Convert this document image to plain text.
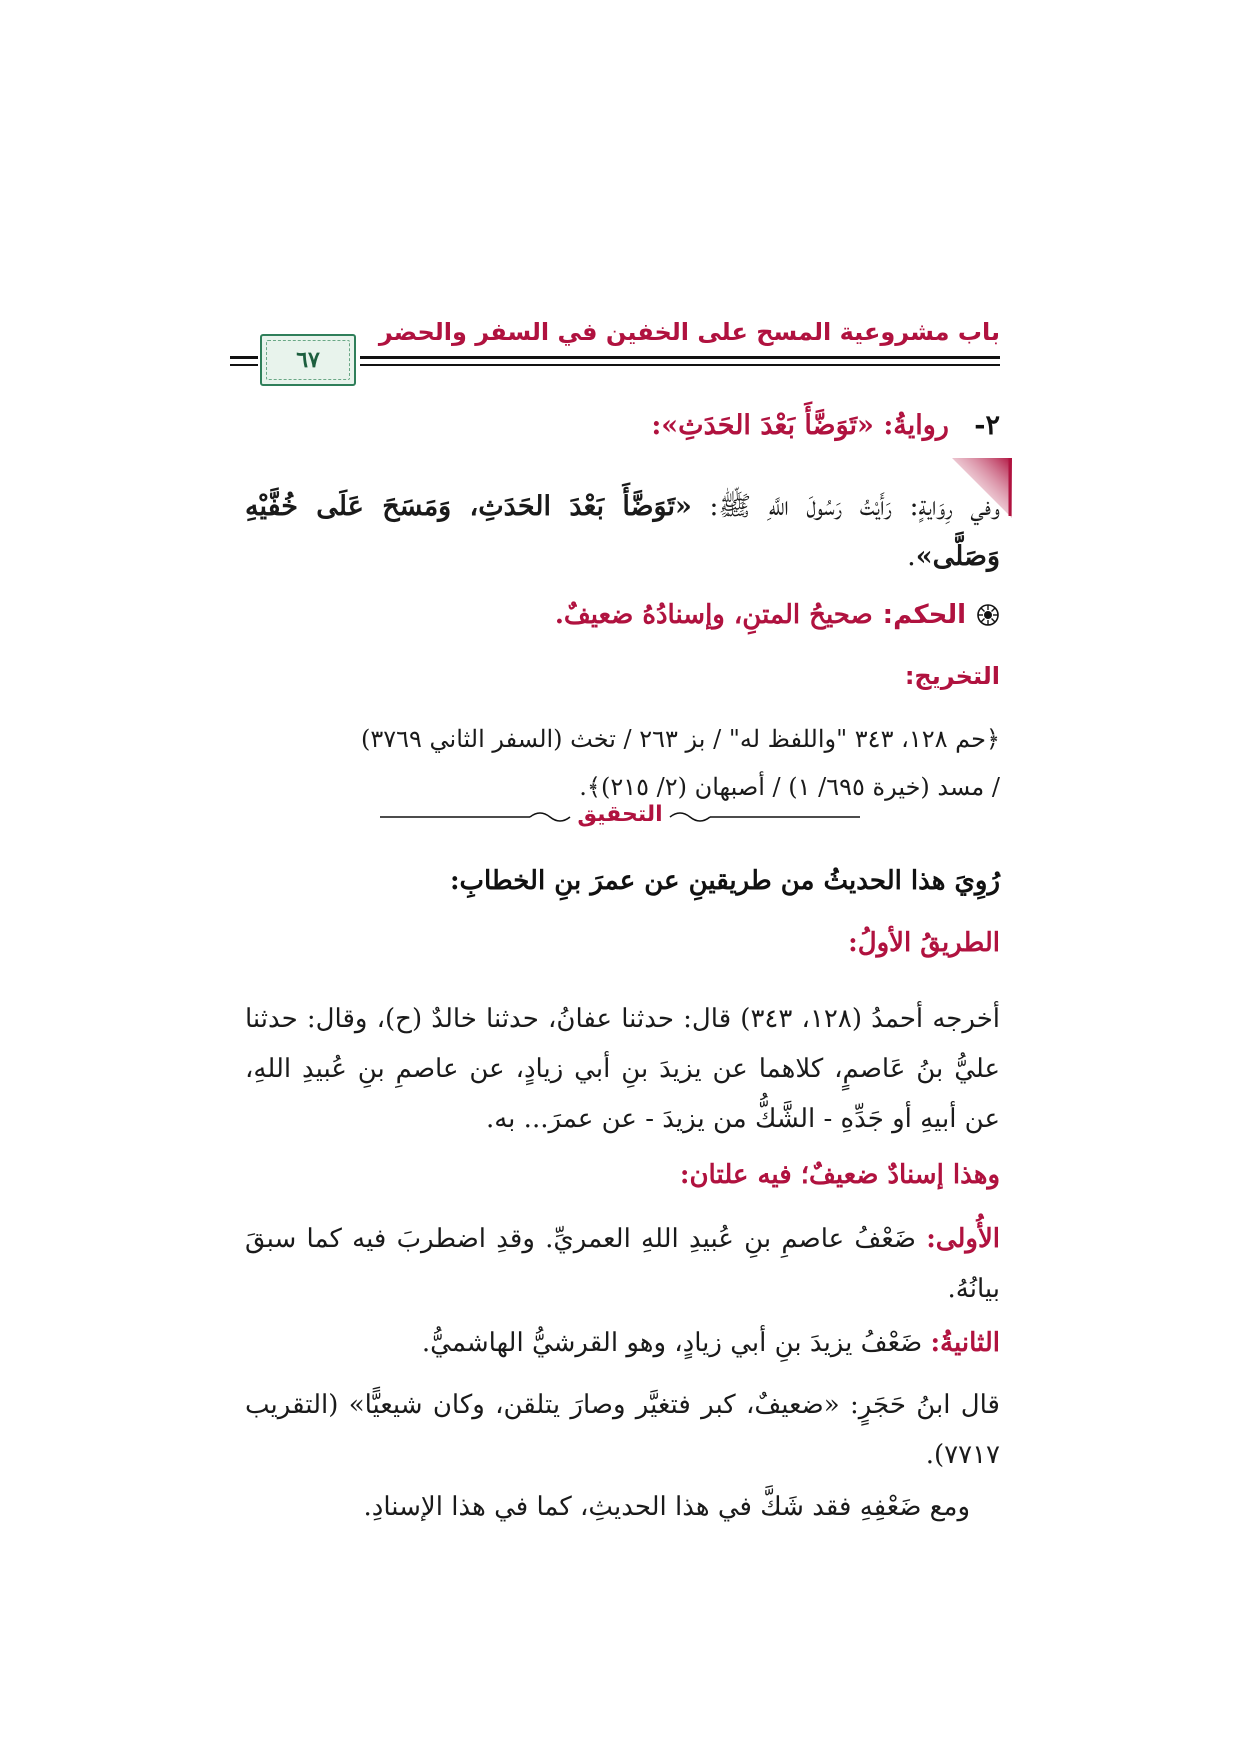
باب مشروعية المسح على الخفين في السفر والحضر
٦٧
٢- روايةُ: «تَوَضَّأَ بَعْدَ الحَدَثِ»:
وفي رِوَايةٍ: رَأَيْتُ رَسُولَ اللَّهِ ﷺ: «تَوَضَّأَ بَعْدَ الحَدَثِ، وَمَسَحَ عَلَى خُفَّيْهِ وَصَلَّى».
الحكم:
صحيحُ المتنِ، وإسنادُهُ ضعيفٌ.
التخريج:
﴿حم ١٢٨، ٣٤٣ "واللفظ له" / بز ٢٦٣ / تخث (السفر الثاني ٣٧٦٩)
/ مسد (خيرة ٦٩٥/ ١) / أصبهان (٢/ ٢١٥)﴾.
التحقيق
رُوِيَ هذا الحديثُ من طريقينِ عن عمرَ بنِ الخطابِ:
الطريقُ الأولُ:
أخرجه أحمدُ (١٢٨، ٣٤٣) قال: حدثنا عفانُ، حدثنا خالدٌ (ح)، وقال: حدثنا عليُّ بنُ عَاصمٍ، كلاهما عن يزيدَ بنِ أبي زيادٍ، عن عاصمِ بنِ عُبيدِ اللهِ، عن أبيهِ أو جَدِّهِ - الشَّكُّ من يزيدَ - عن عمرَ... به.
وهذا إسنادٌ ضعيفٌ؛ فيه علتان:
الأُولى: ضَعْفُ عاصمِ بنِ عُبيدِ اللهِ العمريِّ. وقدِ اضطربَ فيه كما سبقَ بيانُهُ.
الثانيةُ: ضَعْفُ يزيدَ بنِ أبي زيادٍ، وهو القرشيُّ الهاشميُّ.
قال ابنُ حَجَرٍ: «ضعيفٌ، كبر فتغيَّر وصارَ يتلقن، وكان شيعيًّا» (التقريب ٧٧١٧).
ومع ضَعْفِهِ فقد شَكَّ في هذا الحديثِ، كما في هذا الإسنادِ.
